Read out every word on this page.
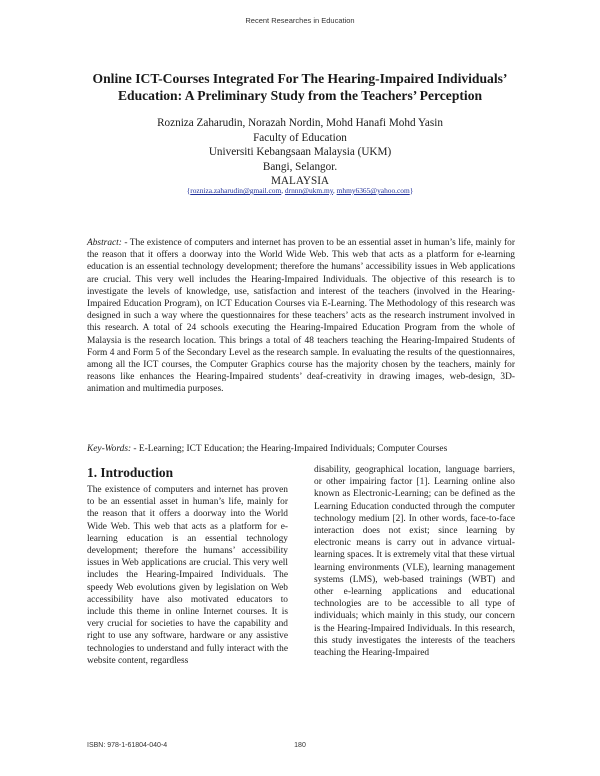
Recent Researches in Education
Online ICT-Courses Integrated For The Hearing-Impaired Individuals’
Education: A Preliminary Study from the Teachers’ Perception
Rozniza Zaharudin, Norazah Nordin, Mohd Hanafi Mohd Yasin
Faculty of Education
Universiti Kebangsaan Malaysia (UKM)
Bangi, Selangor.
MALAYSIA
{rozniza.zaharudin@gmail.com, drnnn@ukm.my, mhmy6365@yahoo.com}
Abstract: - The existence of computers and internet has proven to be an essential asset in human’s life, mainly for the reason that it offers a doorway into the World Wide Web. This web that acts as a platform for e-learning education is an essential technology development; therefore the humans’ accessibility issues in Web applications are crucial. This very well includes the Hearing-Impaired Individuals. The objective of this research is to investigate the levels of knowledge, use, satisfaction and interest of the teachers (involved in the Hearing-Impaired Education Program), on ICT Education Courses via E-Learning. The Methodology of this research was designed in such a way where the questionnaires for these teachers’ acts as the research instrument involved in this research. A total of 24 schools executing the Hearing-Impaired Education Program from the whole of Malaysia is the research location. This brings a total of 48 teachers teaching the Hearing-Impaired Students of Form 4 and Form 5 of the Secondary Level as the research sample. In evaluating the results of the questionnaires, among all the ICT courses, the Computer Graphics course has the majority chosen by the teachers, mainly for reasons like enhances the Hearing-Impaired students’ deaf-creativity in drawing images, web-design, 3D-animation and multimedia purposes.
Key-Words: - E-Learning; ICT Education; the Hearing-Impaired Individuals; Computer Courses
1. Introduction

The existence of computers and internet has proven to be an essential asset in human’s life, mainly for the reason that it offers a doorway into the World Wide Web. This web that acts as a platform for e-learning education is an essential technology development; therefore the humans’ accessibility issues in Web applications are crucial. This very well includes the Hearing-Impaired Individuals. The speedy Web evolutions given by legislation on Web accessibility have also motivated educators to include this theme in online Internet courses. It is very crucial for societies to have the capability and right to use any software, hardware or any assistive technologies to understand and fully interact with the website content, regardless

disability, geographical location, language barriers, or other impairing factor [1]. Learning online also known as Electronic-Learning; can be defined as the Learning Education conducted through the computer technology medium [2]. In other words, face-to-face interaction does not exist; since learning by electronic means is carry out in advance virtual-learning spaces. It is extremely vital that these virtual learning environments (VLE), learning management systems (LMS), web-based trainings (WBT) and other e-learning applications and educational technologies are to be accessible to all type of individuals; which mainly in this study, our concern is the Hearing-Impaired Individuals. In this research, this study investigates the interests of the teachers teaching the Hearing-Impaired

ISBN: 978-1-61804-040-4	180
